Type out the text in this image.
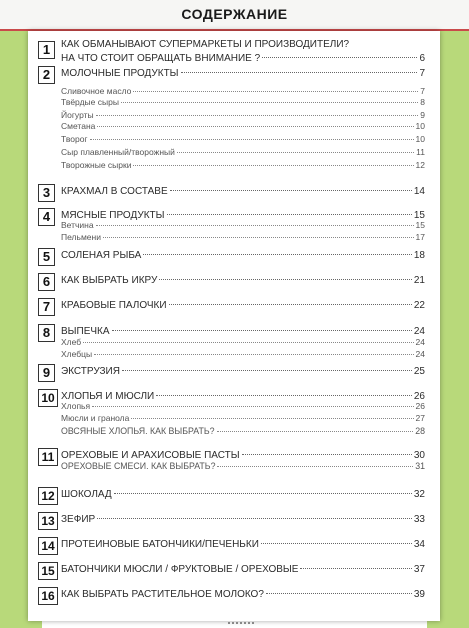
СОДЕРЖАНИЕ
1	КАК ОБМАНЫВАЮТ СУПЕРМАРКЕТЫ И ПРОИЗВОДИТЕЛИ?
НА ЧТО СТОИТ ОБРАЩАТЬ ВНИМАНИЕ ?	6
2	МОЛОЧНЫЕ ПРОДУКТЫ	7
Сливочное масло	7
Твёрдые сыры	8
Йогурты	9
Сметана	10
Творог	10
Сыр плавленный/творожный	11
Творожные сырки	12
3	КРАХМАЛ В СОСТАВЕ	14
4	МЯСНЫЕ ПРОДУКТЫ	15
Ветчина	15
Пельмени	17
5	СОЛЕНАЯ РЫБА	18
6	КАК ВЫБРАТЬ ИКРУ	21
7	КРАБОВЫЕ ПАЛОЧКИ	22
8	ВЫПЕЧКА	24
Хлеб	24
Хлебцы	24
9	ЭКСТРУЗИЯ	25
10 ХЛОПЬЯ И МЮСЛИ	26
Хлопья	26
Мюсли и гранола	27
ОВСЯНЫЕ ХЛОПЬЯ. КАК ВЫБРАТЬ?	28
11 ОРЕХОВЫЕ И АРАХИСОВЫЕ ПАСТЫ	30
ОРЕХОВЫЕ СМЕСИ. КАК ВЫБРАТЬ?	31
12 ШОКОЛАД	32
13 ЗЕФИР	33
14 ПРОТЕИНОВЫЕ БАТОНЧИКИ/ПЕЧЕНЬКИ	34
15 БАТОНЧИКИ МЮСЛИ / ФРУКТОВЫЕ / ОРЕХОВЫЕ	37
16 КАК ВЫБРАТЬ РАСТИТЕЛЬНОЕ МОЛОКО?	39
